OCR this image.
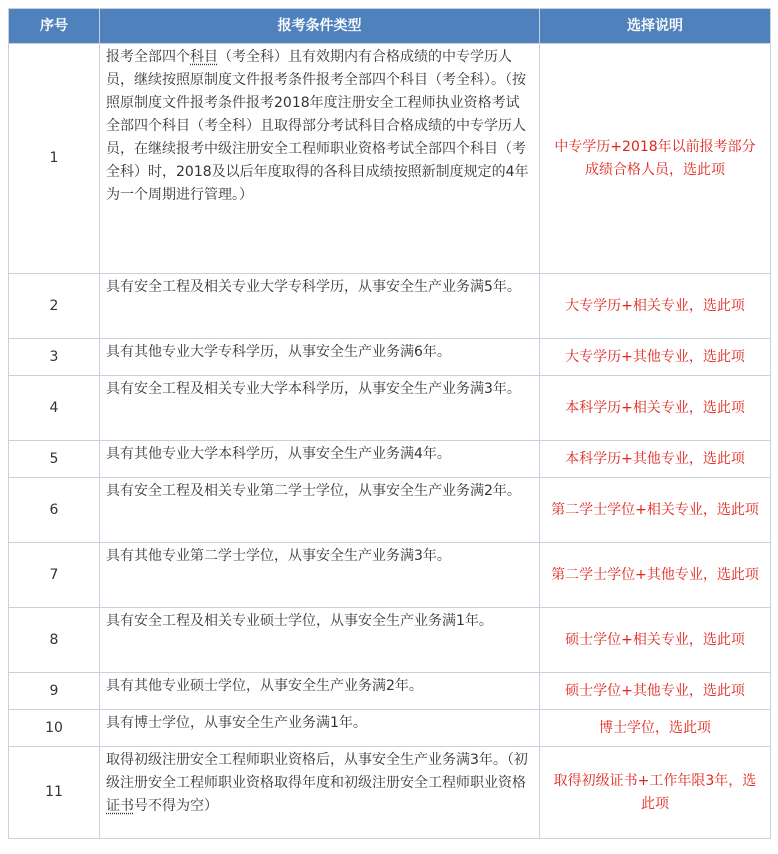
序号	报考条件类型	选择说明
1	报考全部四个科目（考全科）且有效期内有合格成绩的中专学历人员，继续按照原制度文件报考条件报考全部四个科目（考全科）。（按照原制度文件报考条件报考2018年度注册安全工程师执业资格考试全部四个科目（考全科）且取得部分考试科目合格成绩的中专学历人员，在继续报考中级注册安全工程师职业资格考试全部四个科目（考全科）时，2018及以后年度取得的各科目成绩按照新制度规定的4年为一个周期进行管理。）	中专学历+2018年以前报考部分成绩合格人员，选此项
2	具有安全工程及相关专业大学专科学历，从事安全生产业务满5年。	大专学历+相关专业，选此项
3	具有其他专业大学专科学历，从事安全生产业务满6年。	大专学历+其他专业，选此项
4	具有安全工程及相关专业大学本科学历，从事安全生产业务满3年。	本科学历+相关专业，选此项
5	具有其他专业大学本科学历，从事安全生产业务满4年。	本科学历+其他专业，选此项
6	具有安全工程及相关专业第二学士学位，从事安全生产业务满2年。	第二学士学位+相关专业，选此项
7	具有其他专业第二学士学位，从事安全生产业务满3年。	第二学士学位+其他专业，选此项
8	具有安全工程及相关专业硕士学位，从事安全生产业务满1年。	硕士学位+相关专业，选此项
9	具有其他专业硕士学位，从事安全生产业务满2年。	硕士学位+其他专业，选此项
10	具有博士学位，从事安全生产业务满1年。	博士学位，选此项
11	取得初级注册安全工程师职业资格后，从事安全生产业务满3年。（初级注册安全工程师职业资格取得年度和初级注册安全工程师职业资格证书号不得为空）	取得初级证书+工作年限3年，选此项
